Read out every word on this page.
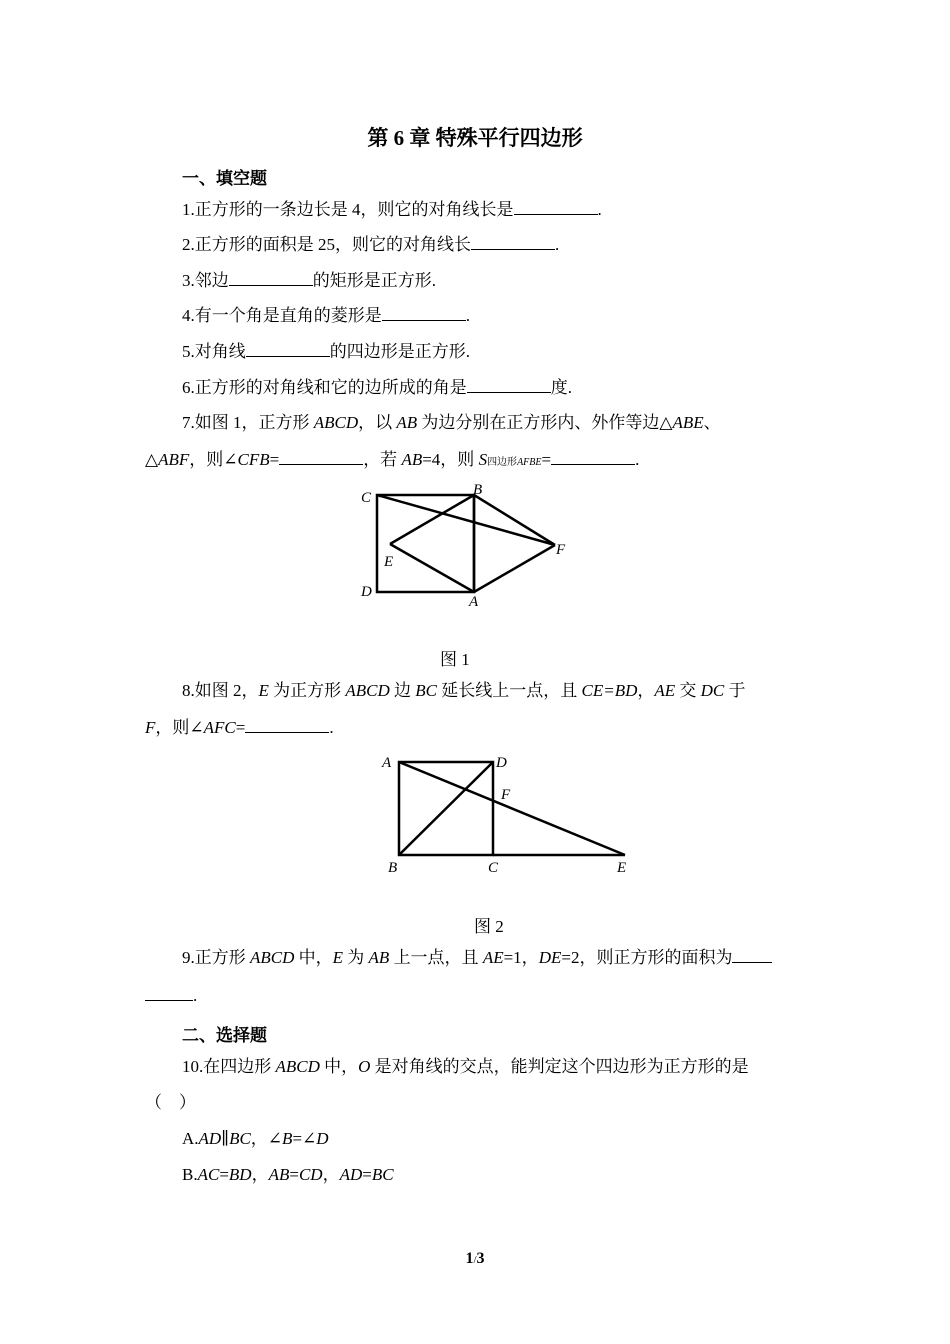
第 6 章 特殊平行四边形
一、填空题
1.正方形的一条边长是 4，则它的对角线长是	.
2.正方形的面积是 25，则它的对角线长	.
3.邻边	的矩形是正方形.
4.有一个角是直角的菱形是	.
5.对角线	的四边形是正方形.
6.正方形的对角线和它的边所成的角是	度.
7.如图 1，正方形 ABCD，以 AB 为边分别在正方形内、外作等边△ABE、
△ABF，则∠CFB=	，若 AB=4，则 S四边形AFBE=	.
C	B
E
F
D
A
图 1
8.如图 2，E 为正方形 ABCD 边 BC 延长线上一点，且 CE=BD，AE 交 DC 于
F，则∠AFC=	.
A	D
F
B	C	E
图 2
9.正方形 ABCD 中，E 为 AB 上一点，且 AE=1，DE=2，则正方形的面积为
.
二、选择题
10.在四边形 ABCD 中，O 是对角线的交点，能判定这个四边形为正方形的是
（　）
A.AD∥BC，∠B=∠D
B.AC=BD，AB=CD，AD=BC
1/3
